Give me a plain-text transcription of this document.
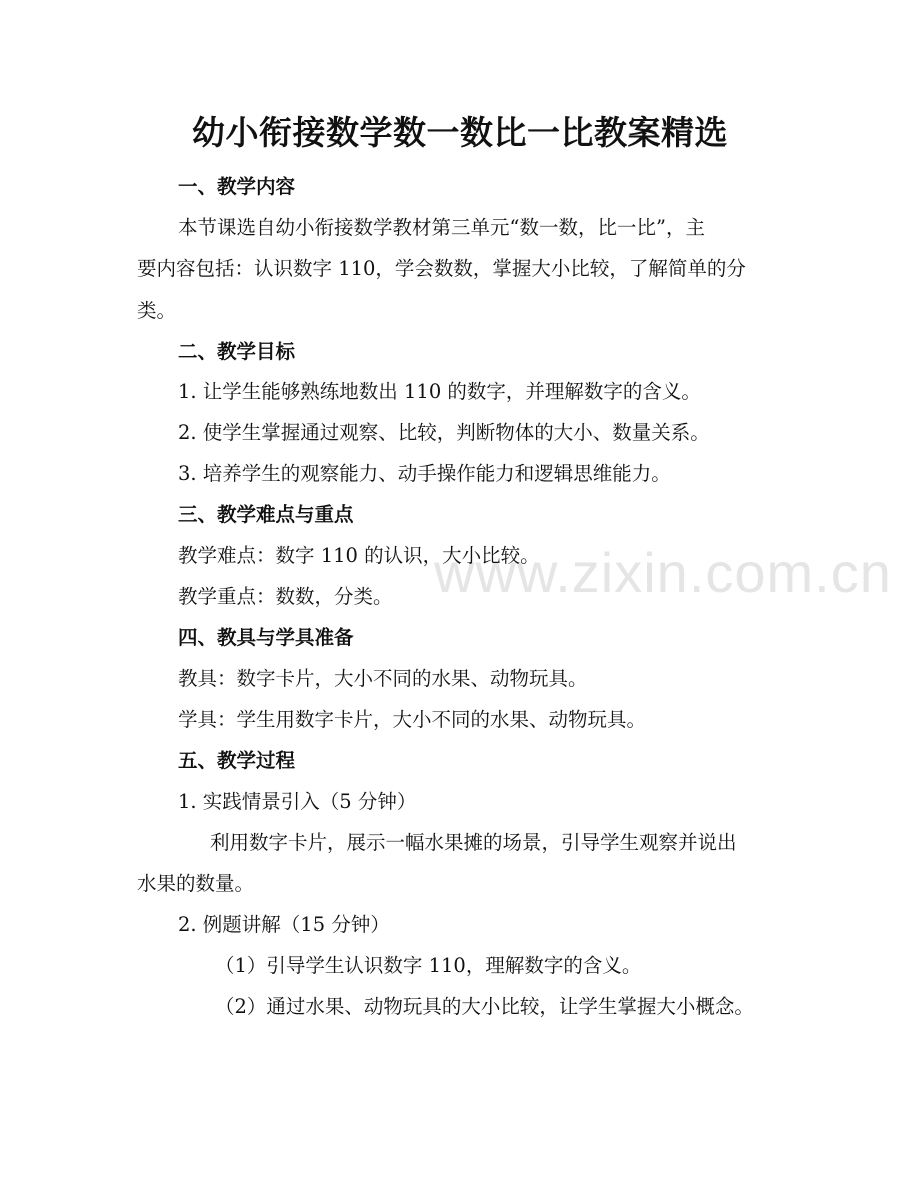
www.zixin.com.cn
幼小衔接数学数一数比一比教案精选
一、教学内容
本节课选自幼小衔接数学教材第三单元“数一数，比一比”，主
要内容包括：认识数字 110，学会数数，掌握大小比较，了解简单的分
类。
二、教学目标
1. 让学生能够熟练地数出 110 的数字，并理解数字的含义。
2. 使学生掌握通过观察、比较，判断物体的大小、数量关系。
3. 培养学生的观察能力、动手操作能力和逻辑思维能力。
三、教学难点与重点
教学难点：数字 110 的认识，大小比较。
教学重点：数数，分类。
四、教具与学具准备
教具：数字卡片，大小不同的水果、动物玩具。
学具：学生用数字卡片，大小不同的水果、动物玩具。
五、教学过程
1. 实践情景引入（5 分钟）
利用数字卡片，展示一幅水果摊的场景，引导学生观察并说出
水果的数量。
2. 例题讲解（15 分钟）
（1）引导学生认识数字 110，理解数字的含义。
（2）通过水果、动物玩具的大小比较，让学生掌握大小概念。
